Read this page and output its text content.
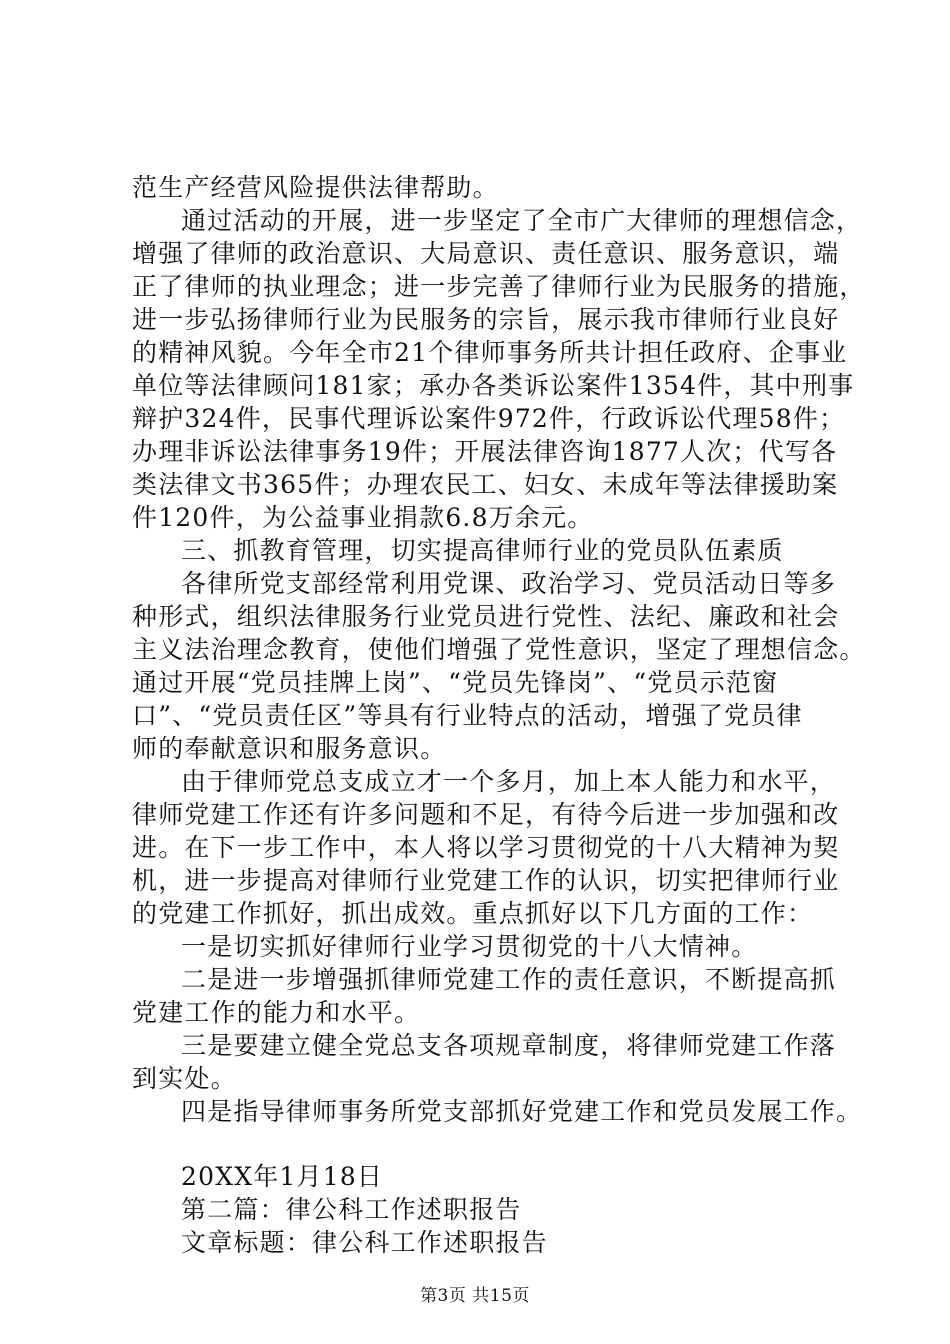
范生产经营风险提供法律帮助。
通过活动的开展，进一步坚定了全市广大律师的理想信念，
增强了律师的政治意识、大局意识、责任意识、服务意识，端
正了律师的执业理念；进一步完善了律师行业为民服务的措施，
进一步弘扬律师行业为民服务的宗旨，展示我市律师行业良好
的精神风貌。今年全市21个律师事务所共计担任政府、企事业
单位等法律顾问181家；承办各类诉讼案件1354件，其中刑事
辩护324件，民事代理诉讼案件972件，行政诉讼代理58件；
办理非诉讼法律事务19件；开展法律咨询1877人次；代写各
类法律文书365件；办理农民工、妇女、未成年等法律援助案
件120件，为公益事业捐款6.8万余元。
三、抓教育管理，切实提高律师行业的党员队伍素质
各律所党支部经常利用党课、政治学习、党员活动日等多
种形式，组织法律服务行业党员进行党性、法纪、廉政和社会
主义法治理念教育，使他们增强了党性意识，坚定了理想信念。
通过开展“党员挂牌上岗”、“党员先锋岗”、“党员示范窗
口”、“党员责任区”等具有行业特点的活动，增强了党员律
师的奉献意识和服务意识。
由于律师党总支成立才一个多月，加上本人能力和水平，
律师党建工作还有许多问题和不足，有待今后进一步加强和改
进。在下一步工作中，本人将以学习贯彻党的十八大精神为契
机，进一步提高对律师行业党建工作的认识，切实把律师行业
的党建工作抓好，抓出成效。重点抓好以下几方面的工作：
一是切实抓好律师行业学习贯彻党的十八大情神。
二是进一步增强抓律师党建工作的责任意识，不断提高抓
党建工作的能力和水平。
三是要建立健全党总支各项规章制度，将律师党建工作落
到实处。
四是指导律师事务所党支部抓好党建工作和党员发展工作。
20XX年1月18日
第二篇：律公科工作述职报告
文章标题：律公科工作述职报告
第3页 共15页
